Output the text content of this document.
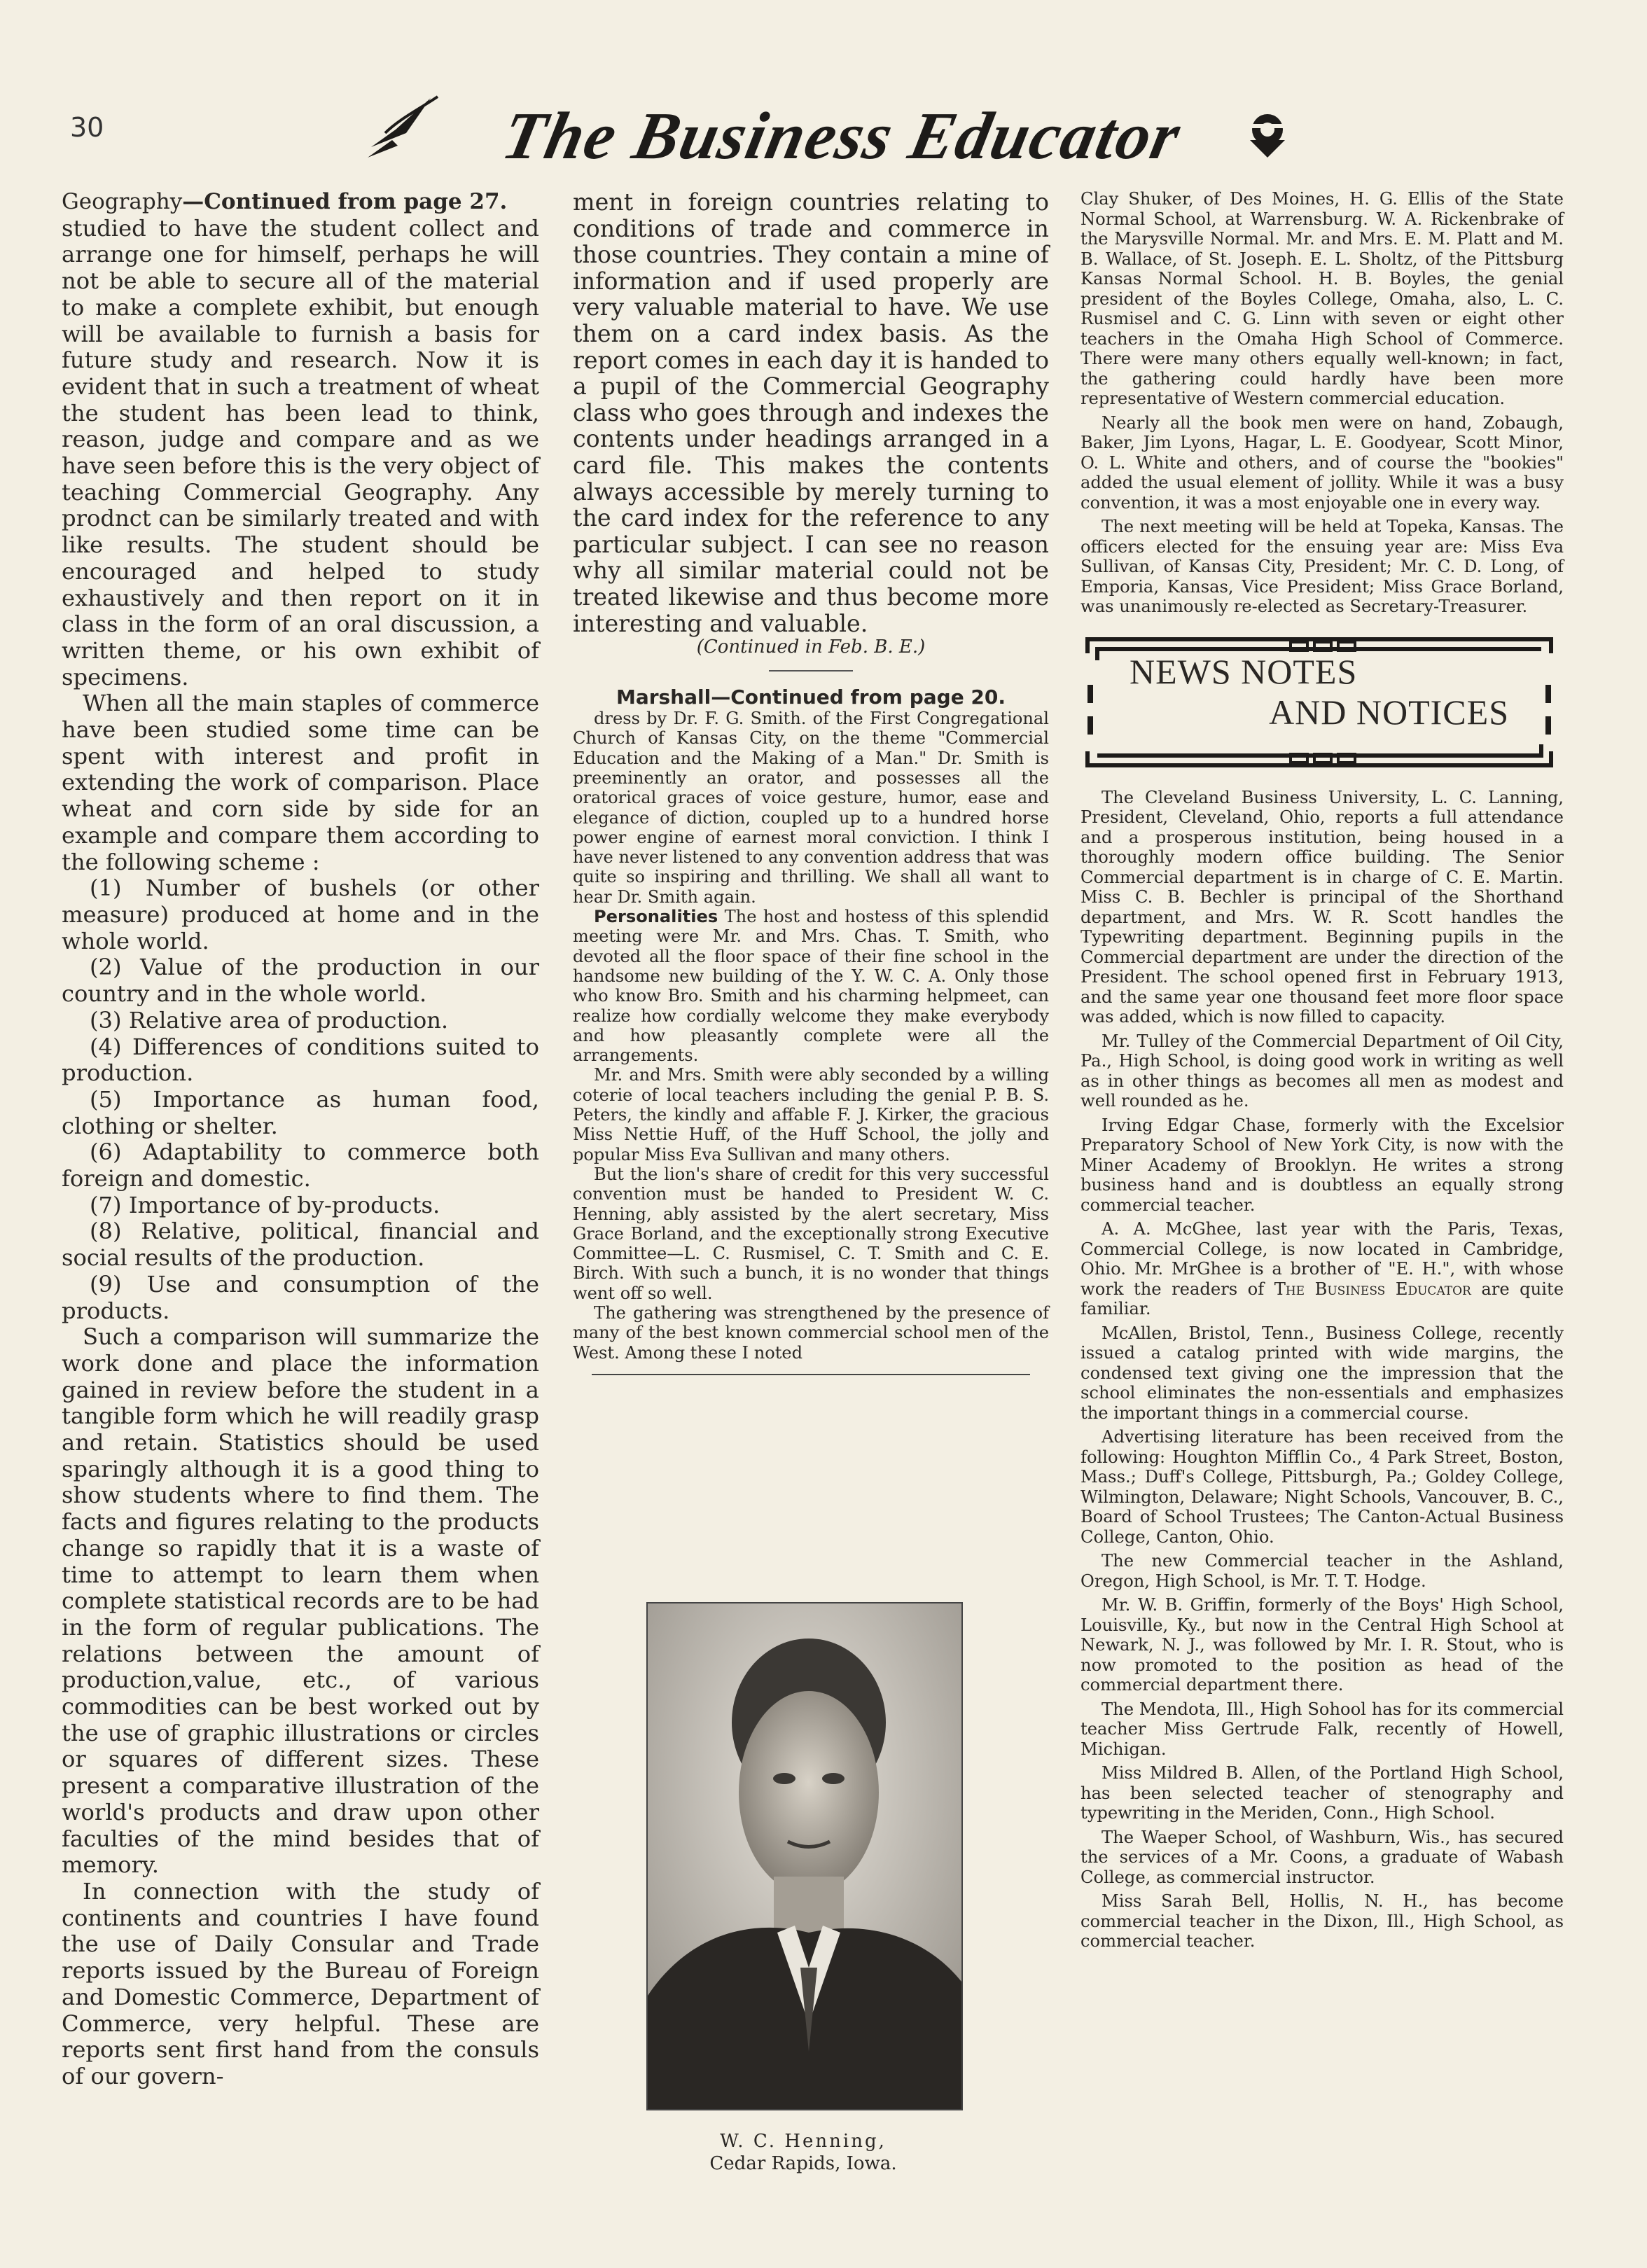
30	The Business Educator

Geography—Continued from page 27.

studied to have the student collect and arrange one for himself, perhaps he will not be able to secure all of the material to make a complete exhibit, but enough will be available to furnish a basis for future study and research. Now it is evident that in such a treatment of wheat the student has been lead to think, reason, judge and compare and as we have seen before this is the very object of teaching Commercial Geography. Any prodnct can be similarly treated and with like results. The student should be encouraged and helped to study exhaustively and then report on it in class in the form of an oral discussion, a written theme, or his own exhibit of specimens.

When all the main staples of commerce have been studied some time can be spent with interest and profit in extending the work of comparison. Place wheat and corn side by side for an example and compare them according to the following scheme :

(1) Number of bushels (or other measure) produced at home and in the whole world.

(2) Value of the production in our country and in the whole world.

(3) Relative area of production.

(4) Differences of conditions suited to production.

(5) Importance as human food, clothing or shelter.

(6) Adaptability to commerce both foreign and domestic.

(7) Importance of by-products.

(8) Relative, political, financial and social results of the production.

(9) Use and consumption of the products.

Such a comparison will summarize the work done and place the information gained in review before the student in a tangible form which he will readily grasp and retain. Statistics should be used sparingly although it is a good thing to show students where to find them. The facts and figures relating to the products change so rapidly that it is a waste of time to attempt to learn them when complete statistical records are to be had in the form of regular publications. The relations between the amount of production,value, etc., of various commodities can be best worked out by the use of graphic illustrations or circles or squares of different sizes. These present a comparative illustration of the world's products and draw upon other faculties of the mind besides that of memory.

In connection with the study of continents and countries I have found the use of Daily Consular and Trade reports issued by the Bureau of Foreign and Domestic Commerce, Department of Commerce, very helpful. These are reports sent first hand from the consuls of our govern-

ment in foreign countries relating to conditions of trade and commerce in those countries. They contain a mine of information and if used properly are very valuable material to have. We use them on a card index basis. As the report comes in each day it is handed to a pupil of the Commercial Geography class who goes through and indexes the contents under headings arranged in a card file. This makes the contents always accessible by merely turning to the card index for the reference to any particular subject. I can see no reason why all similar material could not be treated likewise and thus become more interesting and valuable.

(Continued in Feb. B. E.)

Marshall—Continued from page 20.

dress by Dr. F. G. Smith. of the First Congregational Church of Kansas City, on the theme "Commercial Education and the Making of a Man." Dr. Smith is preeminently an orator, and possesses all the oratorical graces of voice gesture, humor, ease and elegance of diction, coupled up to a hundred horse power engine of earnest moral conviction. I think I have never listened to any convention address that was quite so inspiring and thrilling. We shall all want to hear Dr. Smith again.

Personalities The host and hostess of this splendid meeting were Mr. and Mrs. Chas. T. Smith, who devoted all the floor space of their fine school in the handsome new building of the Y. W. C. A. Only those who know Bro. Smith and his charming helpmeet, can realize how cordially welcome they make everybody and how pleasantly complete were all the arrangements.

Mr. and Mrs. Smith were ably seconded by a willing coterie of local teachers including the genial P. B. S. Peters, the kindly and affable F. J. Kirker, the gracious Miss Nettie Huff, of the Huff School, the jolly and popular Miss Eva Sullivan and many others.

But the lion's share of credit for this very successful convention must be handed to President W. C. Henning, ably assisted by the alert secretary, Miss Grace Borland, and the exceptionally strong Executive Committee—L. C. Rusmisel, C. T. Smith and C. E. Birch. With such a bunch, it is no wonder that things went off so well.

The gathering was strengthened by the presence of many of the best known commercial school men of the West. Among these I noted

W. C. Henning,
Cedar Rapids, Iowa.

Clay Shuker, of Des Moines, H. G. Ellis of the State Normal School, at Warrensburg. W. A. Rickenbrake of the Marysville Normal. Mr. and Mrs. E. M. Platt and M. B. Wallace, of St. Joseph. E. L. Sholtz, of the Pittsburg Kansas Normal School. H. B. Boyles, the genial president of the Boyles College, Omaha, also, L. C. Rusmisel and C. G. Linn with seven or eight other teachers in the Omaha High School of Commerce. There were many others equally well-known; in fact, the gathering could hardly have been more representative of Western commercial education.

Nearly all the book men were on hand, Zobaugh, Baker, Jim Lyons, Hagar, L. E. Goodyear, Scott Minor, O. L. White and others, and of course the "bookies" added the usual element of jollity. While it was a busy convention, it was a most enjoyable one in every way.

The next meeting will be held at Topeka, Kansas. The officers elected for the ensuing year are: Miss Eva Sullivan, of Kansas City, President; Mr. C. D. Long, of Emporia, Kansas, Vice President; Miss Grace Borland, was unanimously re-elected as Secretary-Treasurer.

NEWS NOTES
AND NOTICES

The Cleveland Business University, L. C. Lanning, President, Cleveland, Ohio, reports a full attendance and a prosperous institution, being housed in a thoroughly modern office building. The Senior Commercial department is in charge of C. E. Martin. Miss C. B. Bechler is principal of the Shorthand department, and Mrs. W. R. Scott handles the Typewriting department. Beginning pupils in the Commercial department are under the direction of the President. The school opened first in February 1913, and the same year one thousand feet more floor space was added, which is now filled to capacity.

Mr. Tulley of the Commercial Department of Oil City, Pa., High School, is doing good work in writing as well as in other things as becomes all men as modest and well rounded as he.

Irving Edgar Chase, formerly with the Excelsior Preparatory School of New York City, is now with the Miner Academy of Brooklyn. He writes a strong business hand and is doubtless an equally strong commercial teacher.

A. A. McGhee, last year with the Paris, Texas, Commercial College, is now located in Cambridge, Ohio. Mr. MrGhee is a brother of "E. H.", with whose work the readers of The Business Educator are quite familiar.

McAllen, Bristol, Tenn., Business College, recently issued a catalog printed with wide margins, the condensed text giving one the impression that the school eliminates the non-essentials and emphasizes the important things in a commercial course.

Advertising literature has been received from the following: Houghton Mifflin Co., 4 Park Street, Boston, Mass.; Duff's College, Pittsburgh, Pa.; Goldey College, Wilmington, Delaware; Night Schools, Vancouver, B. C., Board of School Trustees; The Canton-Actual Business College, Canton, Ohio.

The new Commercial teacher in the Ashland, Oregon, High School, is Mr. T. T. Hodge.

Mr. W. B. Griffin, formerly of the Boys' High School, Louisville, Ky., but now in the Central High School at Newark, N. J., was followed by Mr. I. R. Stout, who is now promoted to the position as head of the commercial department there.

The Mendota, Ill., High Sohool has for its commercial teacher Miss Gertrude Falk, recently of Howell, Michigan.

Miss Mildred B. Allen, of the Portland High School, has been selected teacher of stenography and typewriting in the Meriden, Conn., High School.

The Waeper School, of Washburn, Wis., has secured the services of a Mr. Coons, a graduate of Wabash College, as commercial instructor.

Miss Sarah Bell, Hollis, N. H., has become commercial teacher in the Dixon, Ill., High School, as commercial teacher.
